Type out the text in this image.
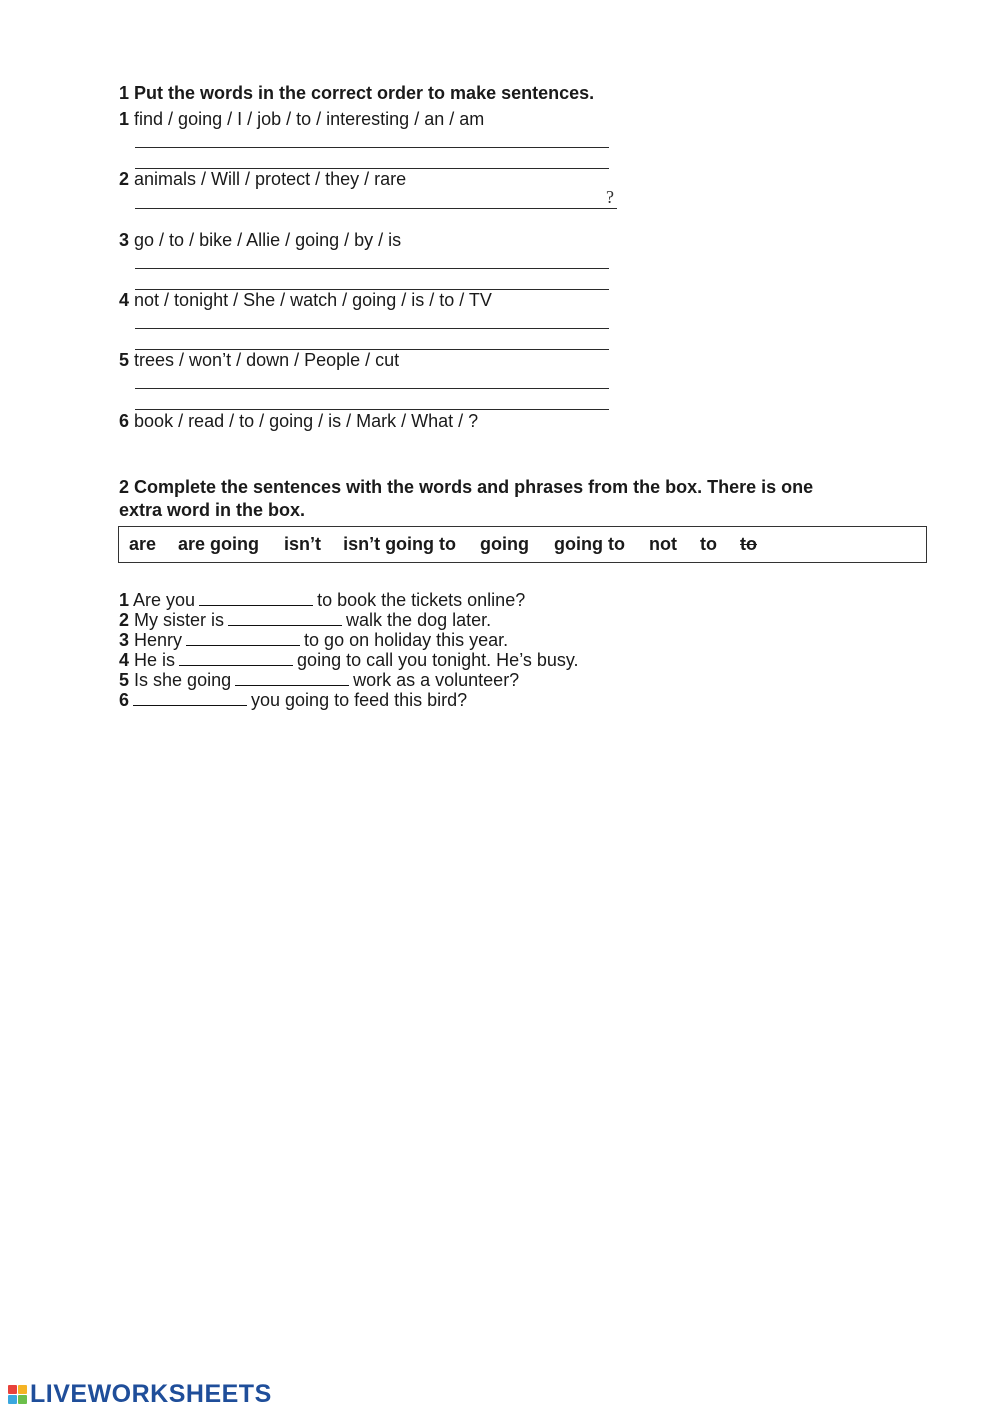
1 Put the words in the correct order to make sentences.
1 find / going / I / job / to / interesting / an / am
2 animals / Will / protect / they / rare
?
3 go / to / bike / Allie / going / by / is
4 not / tonight / She / watch / going / is / to / TV
5 trees / won’t / down / People / cut
6 book / read / to / going / is / Mark / What / ?
2 Complete the sentences with the words and phrases from the box. There is one
extra word in the box.
are are going isn’t isn’t going to going going to not to to
1 Are you	to book the tickets online?
2 My sister is	walk the dog later.
3 Henry	to go on holiday this year.
4 He is	going to call you tonight. He’s busy.
5 Is she going	work as a volunteer?
6	you going to feed this bird?
LIVEWORKSHEETS
